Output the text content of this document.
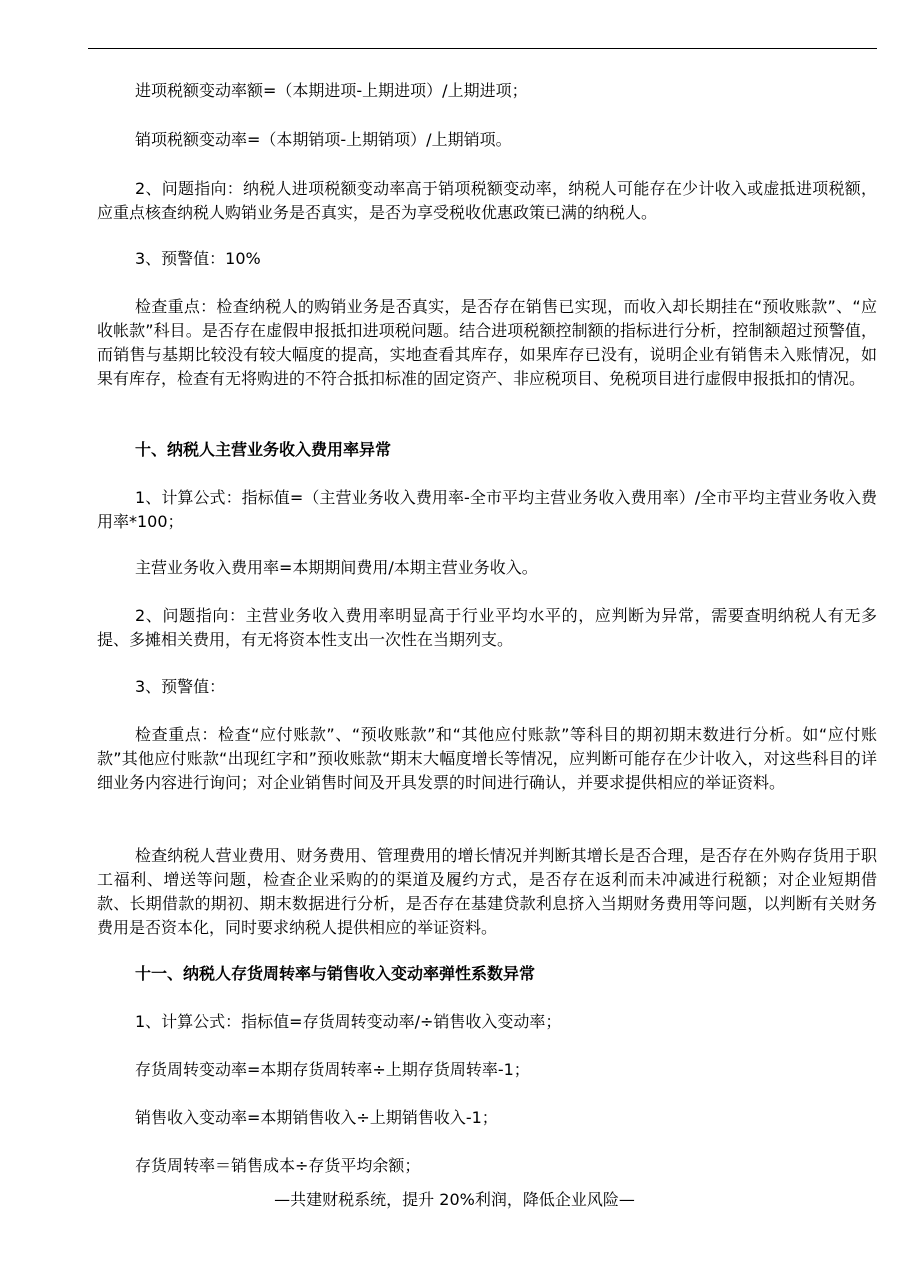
进项税额变动率额=（本期进项-上期进项）/上期进项；
销项税额变动率=（本期销项-上期销项）/上期销项。
2、问题指向：纳税人进项税额变动率高于销项税额变动率，纳税人可能存在少计收入或虚抵进项税额，应重点核查纳税人购销业务是否真实，是否为享受税收优惠政策已满的纳税人。
3、预警值：10%
检查重点：检查纳税人的购销业务是否真实，是否存在销售已实现，而收入却长期挂在“预收账款”、“应收帐款”科目。是否存在虚假申报抵扣进项税问题。结合进项税额控制额的指标进行分析，控制额超过预警值，而销售与基期比较没有较大幅度的提高，实地查看其库存，如果库存已没有，说明企业有销售未入账情况，如果有库存，检查有无将购进的不符合抵扣标准的固定资产、非应税项目、免税项目进行虚假申报抵扣的情况。
十、纳税人主营业务收入费用率异常
1、计算公式：指标值=（主营业务收入费用率-全市平均主营业务收入费用率）/全市平均主营业务收入费用率*100；
主营业务收入费用率=本期期间费用/本期主营业务收入。
2、问题指向：主营业务收入费用率明显高于行业平均水平的，应判断为异常，需要查明纳税人有无多提、多摊相关费用，有无将资本性支出一次性在当期列支。
3、预警值：
检查重点：检查“应付账款”、“预收账款”和“其他应付账款”等科目的期初期末数进行分析。如“应付账款”其他应付账款“出现红字和”预收账款“期末大幅度增长等情况，应判断可能存在少计收入，对这些科目的详细业务内容进行询问；对企业销售时间及开具发票的时间进行确认，并要求提供相应的举证资料。
检查纳税人营业费用、财务费用、管理费用的增长情况并判断其增长是否合理，是否存在外购存货用于职工福利、增送等问题，检查企业采购的的渠道及履约方式，是否存在返利而未冲减进行税额；对企业短期借款、长期借款的期初、期末数据进行分析，是否存在基建贷款利息挤入当期财务费用等问题，以判断有关财务费用是否资本化，同时要求纳税人提供相应的举证资料。
十一、纳税人存货周转率与销售收入变动率弹性系数异常
1、计算公式：指标值=存货周转变动率/÷销售收入变动率；
存货周转变动率=本期存货周转率÷上期存货周转率-1；
销售收入变动率=本期销售收入÷上期销售收入-1；
存货周转率＝销售成本÷存货平均余额；
—共建财税系统，提升 20%利润，降低企业风险—
